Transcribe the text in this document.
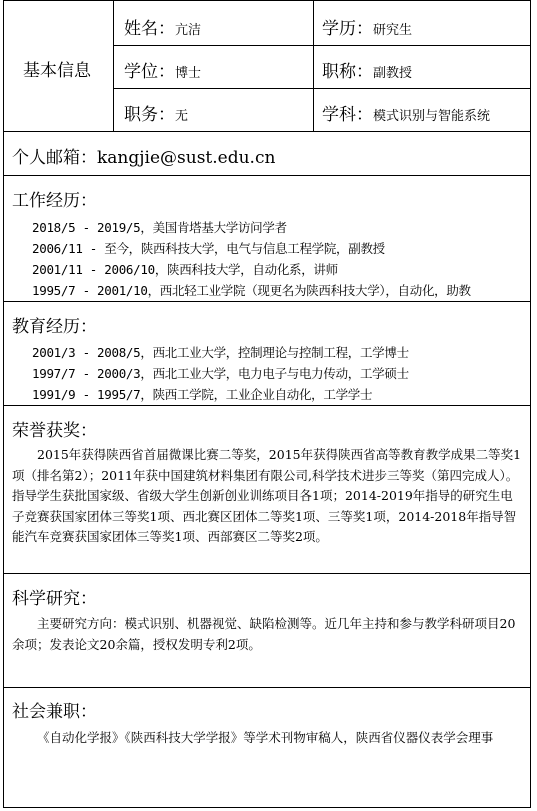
基本信息
姓名：亢洁	学历：研究生
学位：博士	职称：副教授
职务：无	学科：模式识别与智能系统
个人邮箱：kangjie@sust.edu.cn
工作经历：
2018/5 - 2019/5，美国肯塔基大学访问学者
2006/11 - 至今，陕西科技大学，电气与信息工程学院，副教授
2001/11 - 2006/10，陕西科技大学，自动化系，讲师
1995/7 - 2001/10，西北轻工业学院（现更名为陕西科技大学），自动化，助教
教育经历：
2001/3 - 2008/5，西北工业大学，控制理论与控制工程，工学博士
1997/7 - 2000/3，西北工业大学，电力电子与电力传动，工学硕士
1991/9 - 1995/7，陕西工学院，工业企业自动化，工学学士
荣誉获奖：
2015年获得陕西省首届微课比赛二等奖，2015年获得陕西省高等教育教学成果二等奖1项（排名第2）；2011年获中国建筑材料集团有限公司,科学技术进步三等奖（第四完成人）。 指导学生获批国家级、省级大学生创新创业训练项目各1项；2014-2019年指导的研究生电子竞赛获国家团体三等奖1项、西北赛区团体二等奖1项、三等奖1项，2014-2018年指导智能汽车竞赛获国家团体三等奖1项、西部赛区二等奖2项。
科学研究：
主要研究方向：模式识别、机器视觉、缺陷检测等。近几年主持和参与教学科研项目20余项；发表论文20余篇，授权发明专利2项。
社会兼职：
《自动化学报》《陕西科技大学学报》等学术刊物审稿人，陕西省仪器仪表学会理事
